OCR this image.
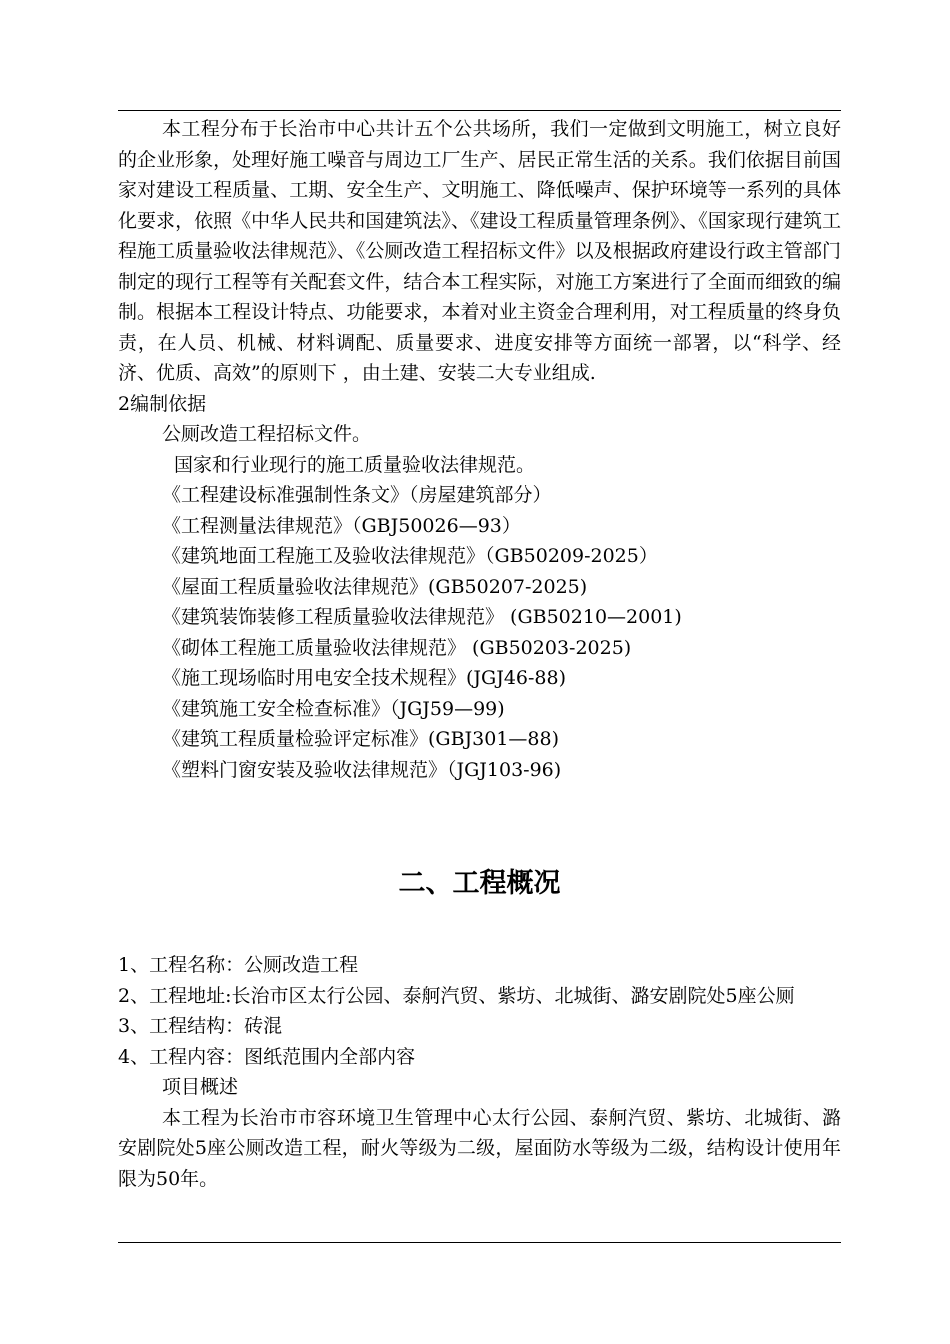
本工程分布于长治市中心共计五个公共场所，我们一定做到文明施工，树立良好的企业形象，处理好施工噪音与周边工厂生产、居民正常生活的关系。我们依据目前国家对建设工程质量、工期、安全生产、文明施工、降低噪声、保护环境等一系列的具体化要求，依照《中华人民共和国建筑法》、《建设工程质量管理条例》、《国家现行建筑工程施工质量验收法律规范》、《公厕改造工程招标文件》以及根据政府建设行政主管部门制定的现行工程等有关配套文件，结合本工程实际，对施工方案进行了全面而细致的编制。根据本工程设计特点、功能要求，本着对业主资金合理利用，对工程质量的终身负责，在人员、机械、材料调配、质量要求、进度安排等方面统一部署，以“科学、经济、优质、高效”的原则下 ，由土建、安装二大专业组成.

2编制依据

公厕改造工程招标文件。
国家和行业现行的施工质量验收法律规范。
《工程建设标准强制性条文》（房屋建筑部分）
《工程测量法律规范》（GBJ50026—93）
《建筑地面工程施工及验收法律规范》（GB50209-2025）
《屋面工程质量验收法律规范》(GB50207-2025)
《建筑装饰装修工程质量验收法律规范》 (GB50210—2001)
《砌体工程施工质量验收法律规范》 (GB50203-2025)
《施工现场临时用电安全技术规程》(JGJ46-88)
《建筑施工安全检查标准》（JGJ59—99)
《建筑工程质量检验评定标准》(GBJ301—88)
《塑料门窗安装及验收法律规范》（JGJ103-96)
二、工程概况

1、工程名称：公厕改造工程

2、工程地址:长治市区太行公园、泰舸汽贸、紫坊、北城街、潞安剧院处5座公厕

3、工程结构：砖混

4、工程内容：图纸范围内全部内容

项目概述

本工程为长治市市容环境卫生管理中心太行公园、泰舸汽贸、紫坊、北城街、潞安剧院处5座公厕改造工程，耐火等级为二级，屋面防水等级为二级，结构设计使用年限为50年。
